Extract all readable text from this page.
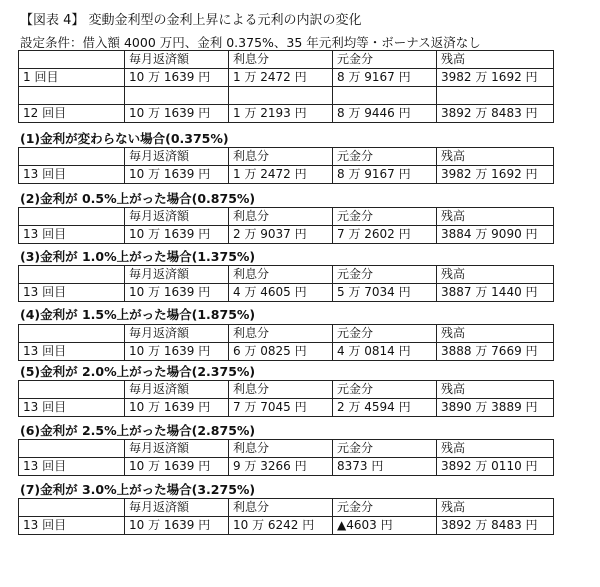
【図表 4】 変動金利型の金利上昇による元利の内訳の変化
設定条件：借入額 4000 万円、金利 0.375%、35 年元利均等・ボーナス返済なし
	毎月返済額	利息分	元金分	残高
1 回目	10 万 1639 円	1 万 2472 円	8 万 9167 円	3982 万 1692 円

12 回目	10 万 1639 円	1 万 2193 円	8 万 9446 円	3892 万 8483 円
(1)金利が変わらない場合(0.375%)
	毎月返済額	利息分	元金分	残高
13 回目	10 万 1639 円	1 万 2472 円	8 万 9167 円	3982 万 1692 円
(2)金利が 0.5%上がった場合(0.875%)
	毎月返済額	利息分	元金分	残高
13 回目	10 万 1639 円	2 万 9037 円	7 万 2602 円	3884 万 9090 円
(3)金利が 1.0%上がった場合(1.375%)
	毎月返済額	利息分	元金分	残高
13 回目	10 万 1639 円	4 万 4605 円	5 万 7034 円	3887 万 1440 円
(4)金利が 1.5%上がった場合(1.875%)
	毎月返済額	利息分	元金分	残高
13 回目	10 万 1639 円	6 万 0825 円	4 万 0814 円	3888 万 7669 円
(5)金利が 2.0%上がった場合(2.375%)
	毎月返済額	利息分	元金分	残高
13 回目	10 万 1639 円	7 万 7045 円	2 万 4594 円	3890 万 3889 円
(6)金利が 2.5%上がった場合(2.875%)
	毎月返済額	利息分	元金分	残高
13 回目	10 万 1639 円	9 万 3266 円	8373 円	3892 万 0110 円
(7)金利が 3.0%上がった場合(3.275%)
	毎月返済額	利息分	元金分	残高
13 回目	10 万 1639 円	10 万 6242 円	▲4603 円	3892 万 8483 円
